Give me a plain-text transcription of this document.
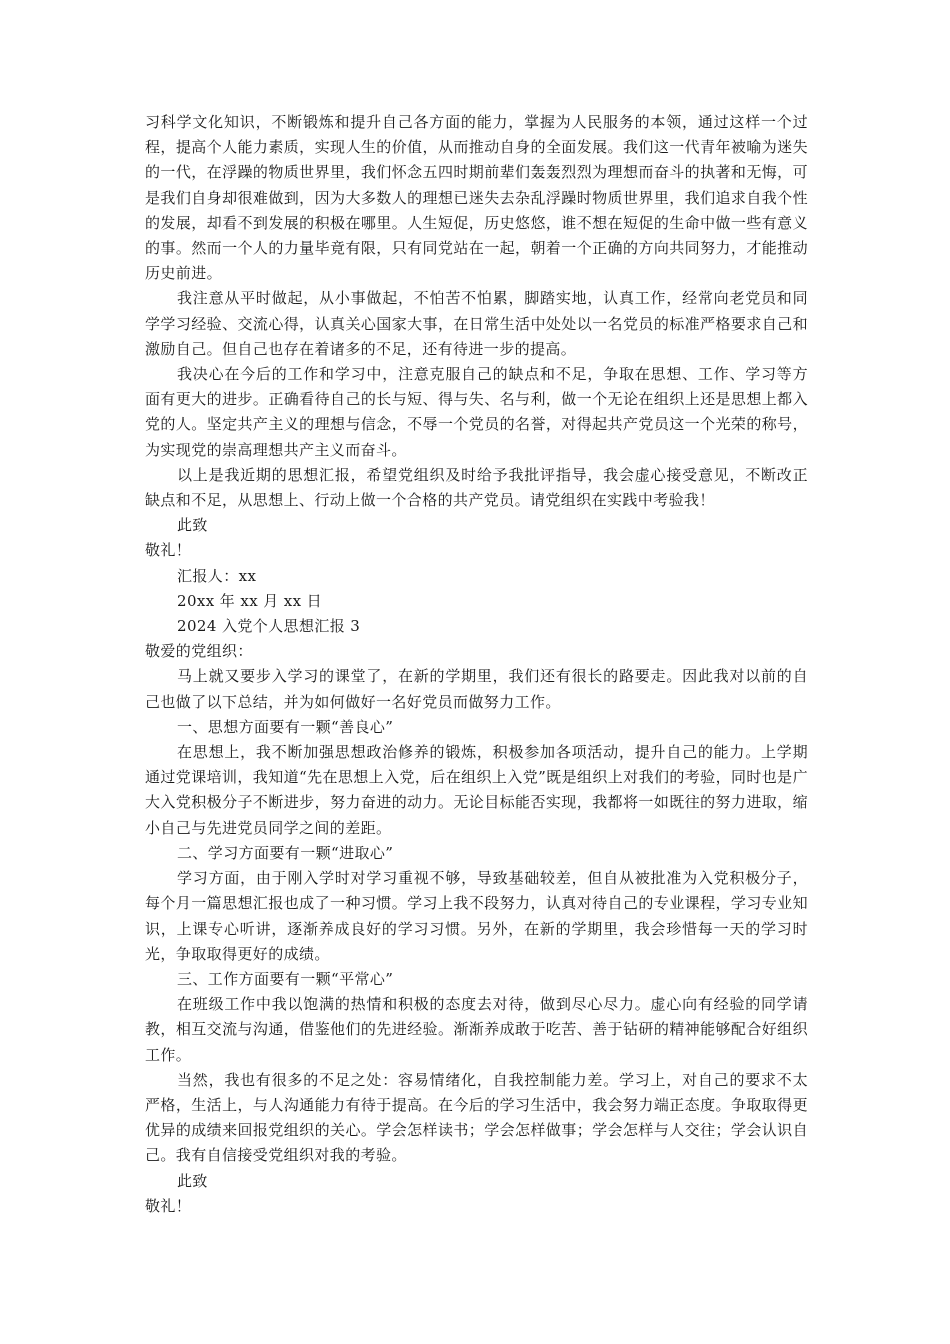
习科学文化知识，不断锻炼和提升自己各方面的能力，掌握为人民服务的本领，通过这样一个过程，提高个人能力素质，实现人生的价值，从而推动自身的全面发展。我们这一代青年被喻为迷失的一代，在浮躁的物质世界里，我们怀念五四时期前辈们轰轰烈烈为理想而奋斗的执著和无悔，可是我们自身却很难做到，因为大多数人的理想已迷失去杂乱浮躁时物质世界里，我们追求自我个性的发展，却看不到发展的积极在哪里。人生短促，历史悠悠，谁不想在短促的生命中做一些有意义的事。然而一个人的力量毕竟有限，只有同党站在一起，朝着一个正确的方向共同努力，才能推动历史前进。

我注意从平时做起，从小事做起，不怕苦不怕累，脚踏实地，认真工作，经常向老党员和同学学习经验、交流心得，认真关心国家大事，在日常生活中处处以一名党员的标准严格要求自己和激励自己。但自己也存在着诸多的不足，还有待进一步的提高。

我决心在今后的工作和学习中，注意克服自己的缺点和不足，争取在思想、工作、学习等方面有更大的进步。正确看待自己的长与短、得与失、名与利，做一个无论在组织上还是思想上都入党的人。坚定共产主义的理想与信念，不辱一个党员的名誉，对得起共产党员这一个光荣的称号，为实现党的崇高理想共产主义而奋斗。

以上是我近期的思想汇报，希望党组织及时给予我批评指导，我会虚心接受意见，不断改正缺点和不足，从思想上、行动上做一个合格的共产党员。请党组织在实践中考验我！

此致

敬礼！

汇报人：xx

20xx 年 xx 月 xx 日

2024 入党个人思想汇报 3

敬爱的党组织：

马上就又要步入学习的课堂了，在新的学期里，我们还有很长的路要走。因此我对以前的自己也做了以下总结，并为如何做好一名好党员而做努力工作。

一、思想方面要有一颗“善良心”

在思想上，我不断加强思想政治修养的锻炼，积极参加各项活动，提升自己的能力。上学期通过党课培训，我知道“先在思想上入党，后在组织上入党”既是组织上对我们的考验，同时也是广大入党积极分子不断进步，努力奋进的动力。无论目标能否实现，我都将一如既往的努力进取，缩小自己与先进党员同学之间的差距。

二、学习方面要有一颗“进取心”

学习方面，由于刚入学时对学习重视不够，导致基础较差，但自从被批准为入党积极分子，每个月一篇思想汇报也成了一种习惯。学习上我不段努力，认真对待自己的专业课程，学习专业知识，上课专心听讲，逐渐养成良好的学习习惯。另外，在新的学期里，我会珍惜每一天的学习时光，争取取得更好的成绩。

三、工作方面要有一颗“平常心”

在班级工作中我以饱满的热情和积极的态度去对待，做到尽心尽力。虚心向有经验的同学请教，相互交流与沟通，借鉴他们的先进经验。渐渐养成敢于吃苦、善于钻研的精神能够配合好组织工作。

当然，我也有很多的不足之处：容易情绪化，自我控制能力差。学习上，对自己的要求不太严格，生活上，与人沟通能力有待于提高。在今后的学习生活中，我会努力端正态度。争取取得更优异的成绩来回报党组织的关心。学会怎样读书；学会怎样做事；学会怎样与人交往；学会认识自己。我有自信接受党组织对我的考验。

此致

敬礼！
